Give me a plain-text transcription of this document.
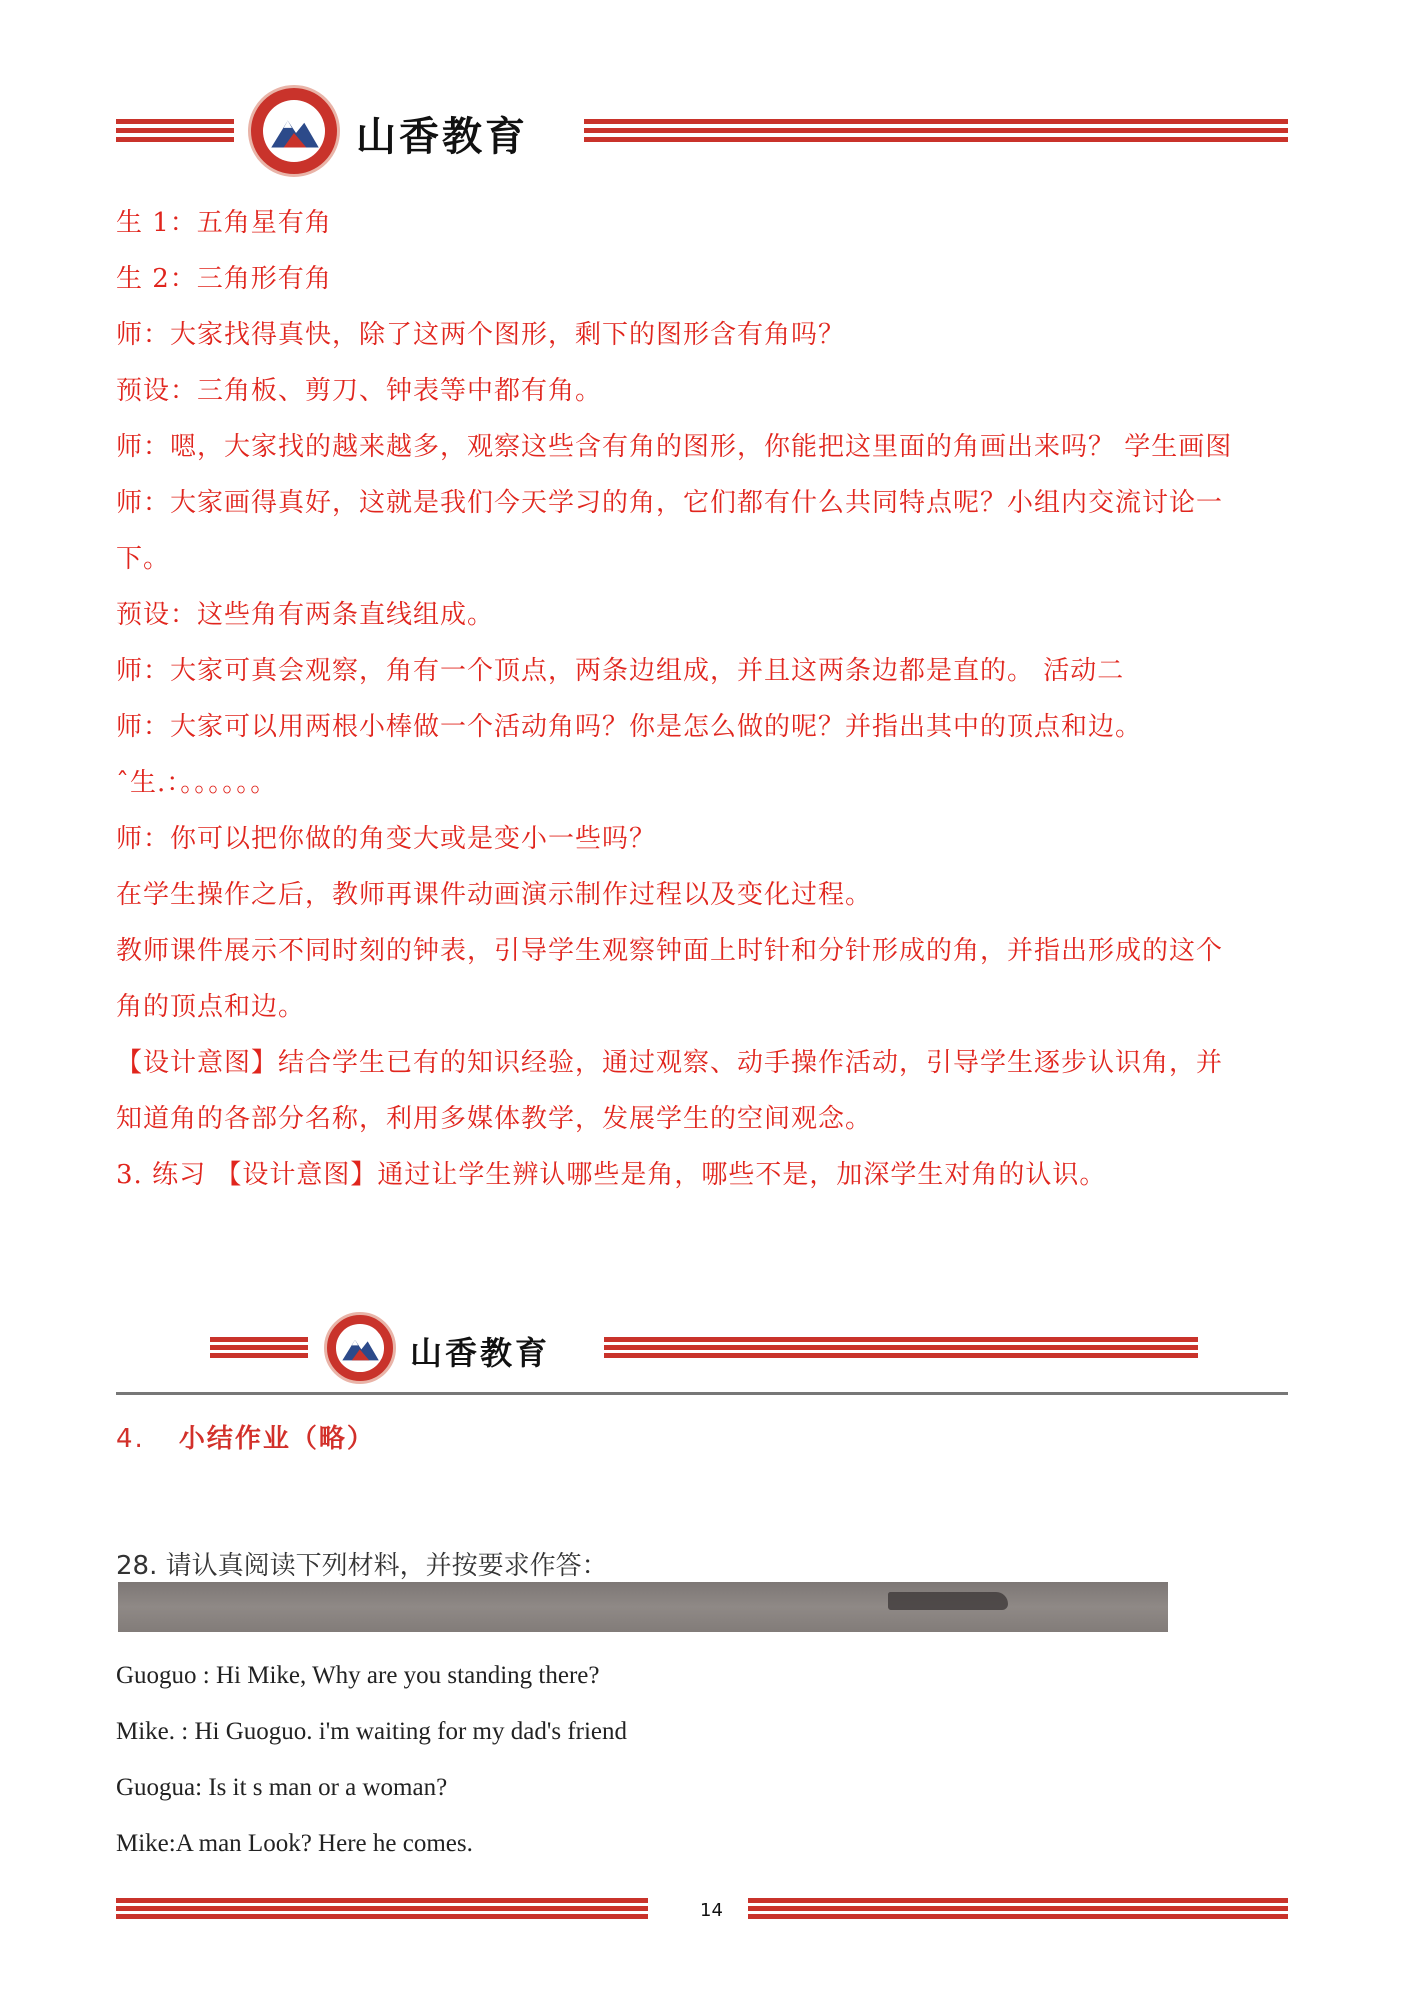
山香教育
生 1：五角星有角
生 2：三角形有角
师：大家找得真快，除了这两个图形，剩下的图形含有角吗？
预设：三角板、剪刀、钟表等中都有角。
师：嗯，大家找的越来越多，观察这些含有角的图形，你能把这里面的角画出来吗？ 学生画图
师：大家画得真好，这就是我们今天学习的角，它们都有什么共同特点呢？小组内交流讨论一
下。
预设：这些角有两条直线组成。
师：大家可真会观察，角有一个顶点，两条边组成，并且这两条边都是直的。 活动二
师：大家可以用两根小棒做一个活动角吗？你是怎么做的呢？并指出其中的顶点和边。
ˆ生.：。。。。。。
师：你可以把你做的角变大或是变小一些吗？
在学生操作之后，教师再课件动画演示制作过程以及变化过程。
教师课件展示不同时刻的钟表，引导学生观察钟面上时针和分针形成的角，并指出形成的这个
角的顶点和边。
【设计意图】结合学生已有的知识经验，通过观察、动手操作活动，引导学生逐步认识角，并
知道角的各部分名称，利用多媒体教学，发展学生的空间观念。
3. 练习 【设计意图】通过让学生辨认哪些是角，哪些不是，加深学生对角的认识。
山香教育
4. 小结作业（略）
28. 请认真阅读下列材料，并按要求作答：
Guoguo : Hi Mike, Why are you standing there?
Mike. : Hi Guoguo. i'm waiting for my dad's friend
Guogua: Is it s man or a woman?
Mike:A man Look? Here he comes.
14
